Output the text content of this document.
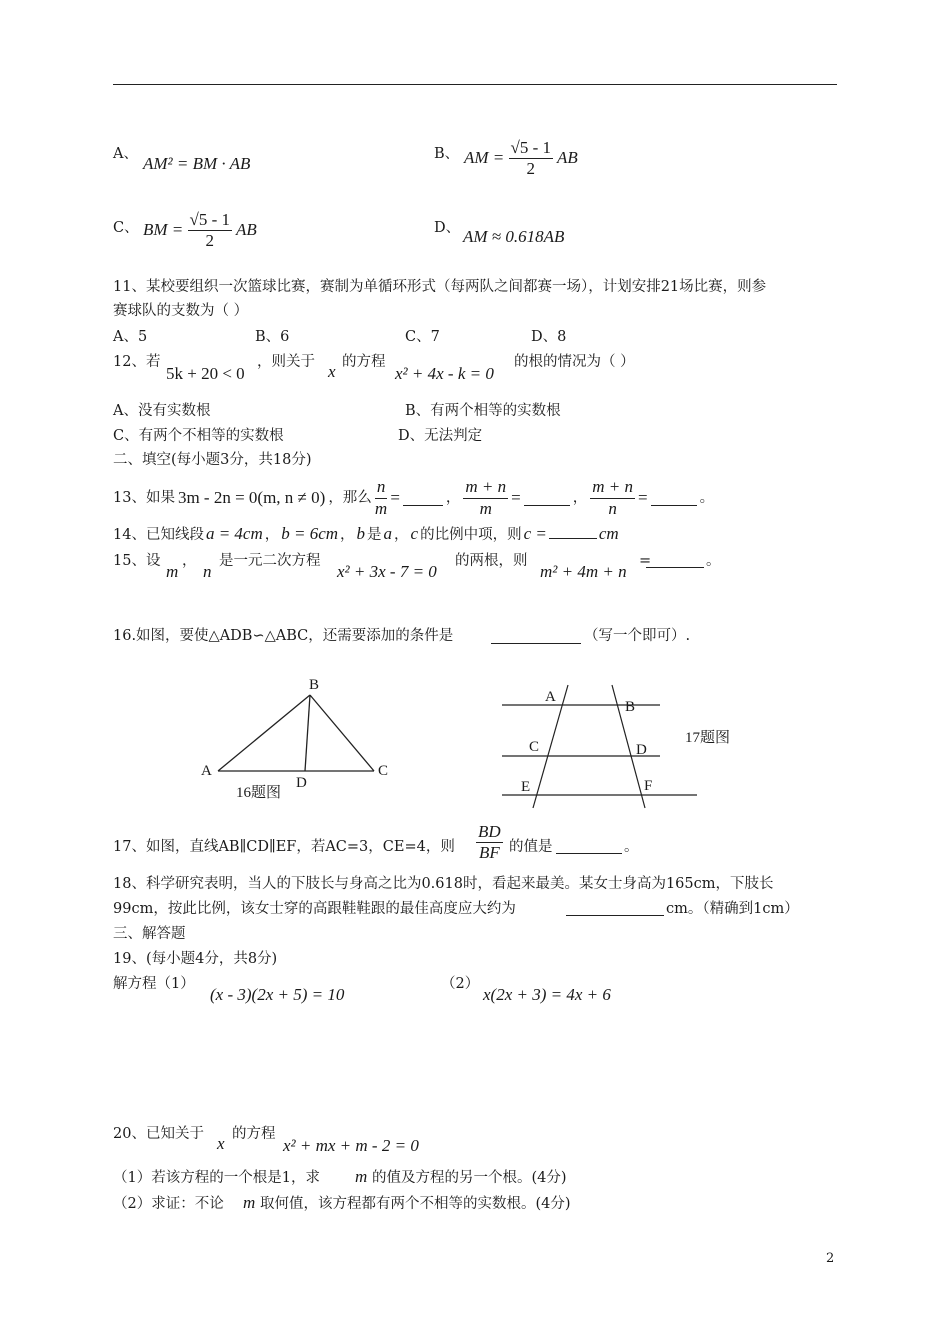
A、 AM² = BM · AB	B、 AM = $\frac{√5 - 1}{2}$ AB
C、 BM = $\frac{√5 - 1}{2}$ AB	D、 AM ≈ 0.618AB
11、某校要组织一次篮球比赛，赛制为单循环形式（每两队之间都赛一场），计划安排21场比赛，则参
赛球队的支数为（ ）
A、5	B、6	C、7	D、8
12、若
5k + 20 < 0
，则关于 x 的方程
x² + 4x - k = 0
的根的情况为（ ）
A、没有实数根	B、有两个相等的实数根
C、有两个不相等的实数根	D、无法判定
二、填空(每小题3分，共18分)
13、如果 3m - 2n = 0(m, n ≠ 0) ，那么 $\frac{n}{m}$ =	， $\frac{m + n}{m}$ =	， $\frac{m + n}{n}$ =	。
14、已知线段 a = 4cm ， b = 6cm ， b 是 a ， c 的比例中项，则 c =	cm
15、设
m
，
n
是一元二次方程
x² + 3x - 7 = 0
的两根，则
m² + 4m + n
=	。
16.如图，要使△ADB∽△ABC，还需要添加的条件是	（写一个即可）.
B
A	C
D
16题图
A
B
C	D
E	F
17题图
17、如图，直线AB∥CD∥EF，若AC=3，CE=4，则 $\frac{BD}{BF}$ 的值是	。
18、科学研究表明，当人的下肢长与身高之比为0.618时，看起来最美。某女士身高为165cm，下肢长
99cm，按此比例，该女士穿的高跟鞋鞋跟的最佳高度应大约为	cm。（精确到1cm）
三、解答题
19、(每小题4分，共8分)
解方程（1）
(x - 3)(2x + 5) = 10
（2）
x(2x + 3) = 4x + 6
20、已知关于 x 的方程
x² + mx + m - 2 = 0
（1）若该方程的一个根是1，求 m 的值及方程的另一个根。(4分)
（2）求证：不论 m 取何值，该方程都有两个不相等的实数根。(4分)
2
